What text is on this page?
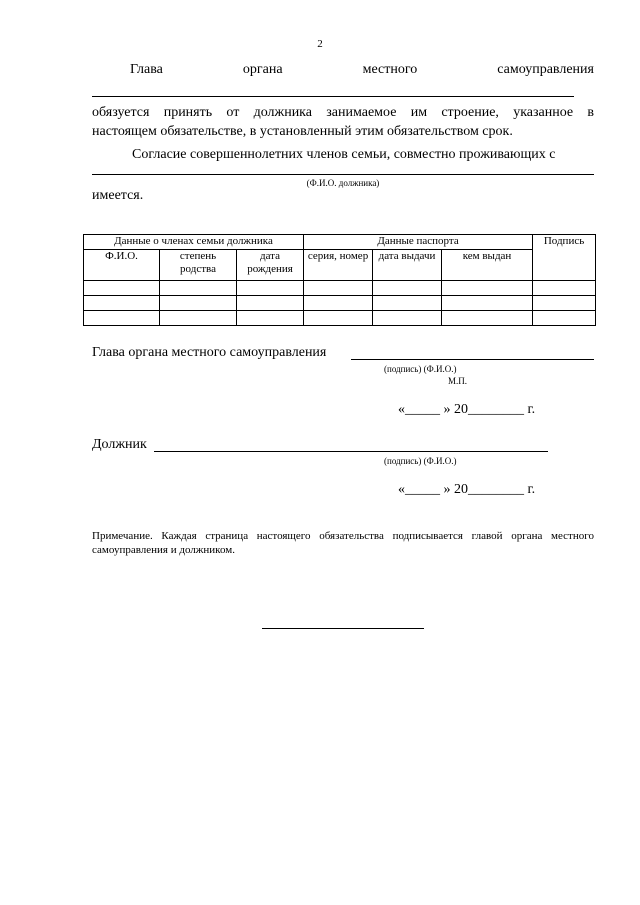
2
Глава	органа	местного	самоуправления
обязуется принять от должника занимаемое им строение, указанное в
настоящем обязательстве, в установленный этим обязательством срок.
Согласие совершеннолетних членов семьи, совместно проживающих с
(Ф.И.О. должника)
имеется.
Данные о членах семьи должника			Данные паспорта			Подпись
Ф.И.О.	степень родства	дата рождения	серия, номер	дата выдачи	кем выдан	

Глава органа местного самоуправления
(подпись) (Ф.И.О.)
М.П.
«_____ » 20________ г.
Должник
(подпись) (Ф.И.О.)
«_____ » 20________ г.
Примечание. Каждая страница настоящего обязательства подписывается главой органа местного самоуправления и должником.
